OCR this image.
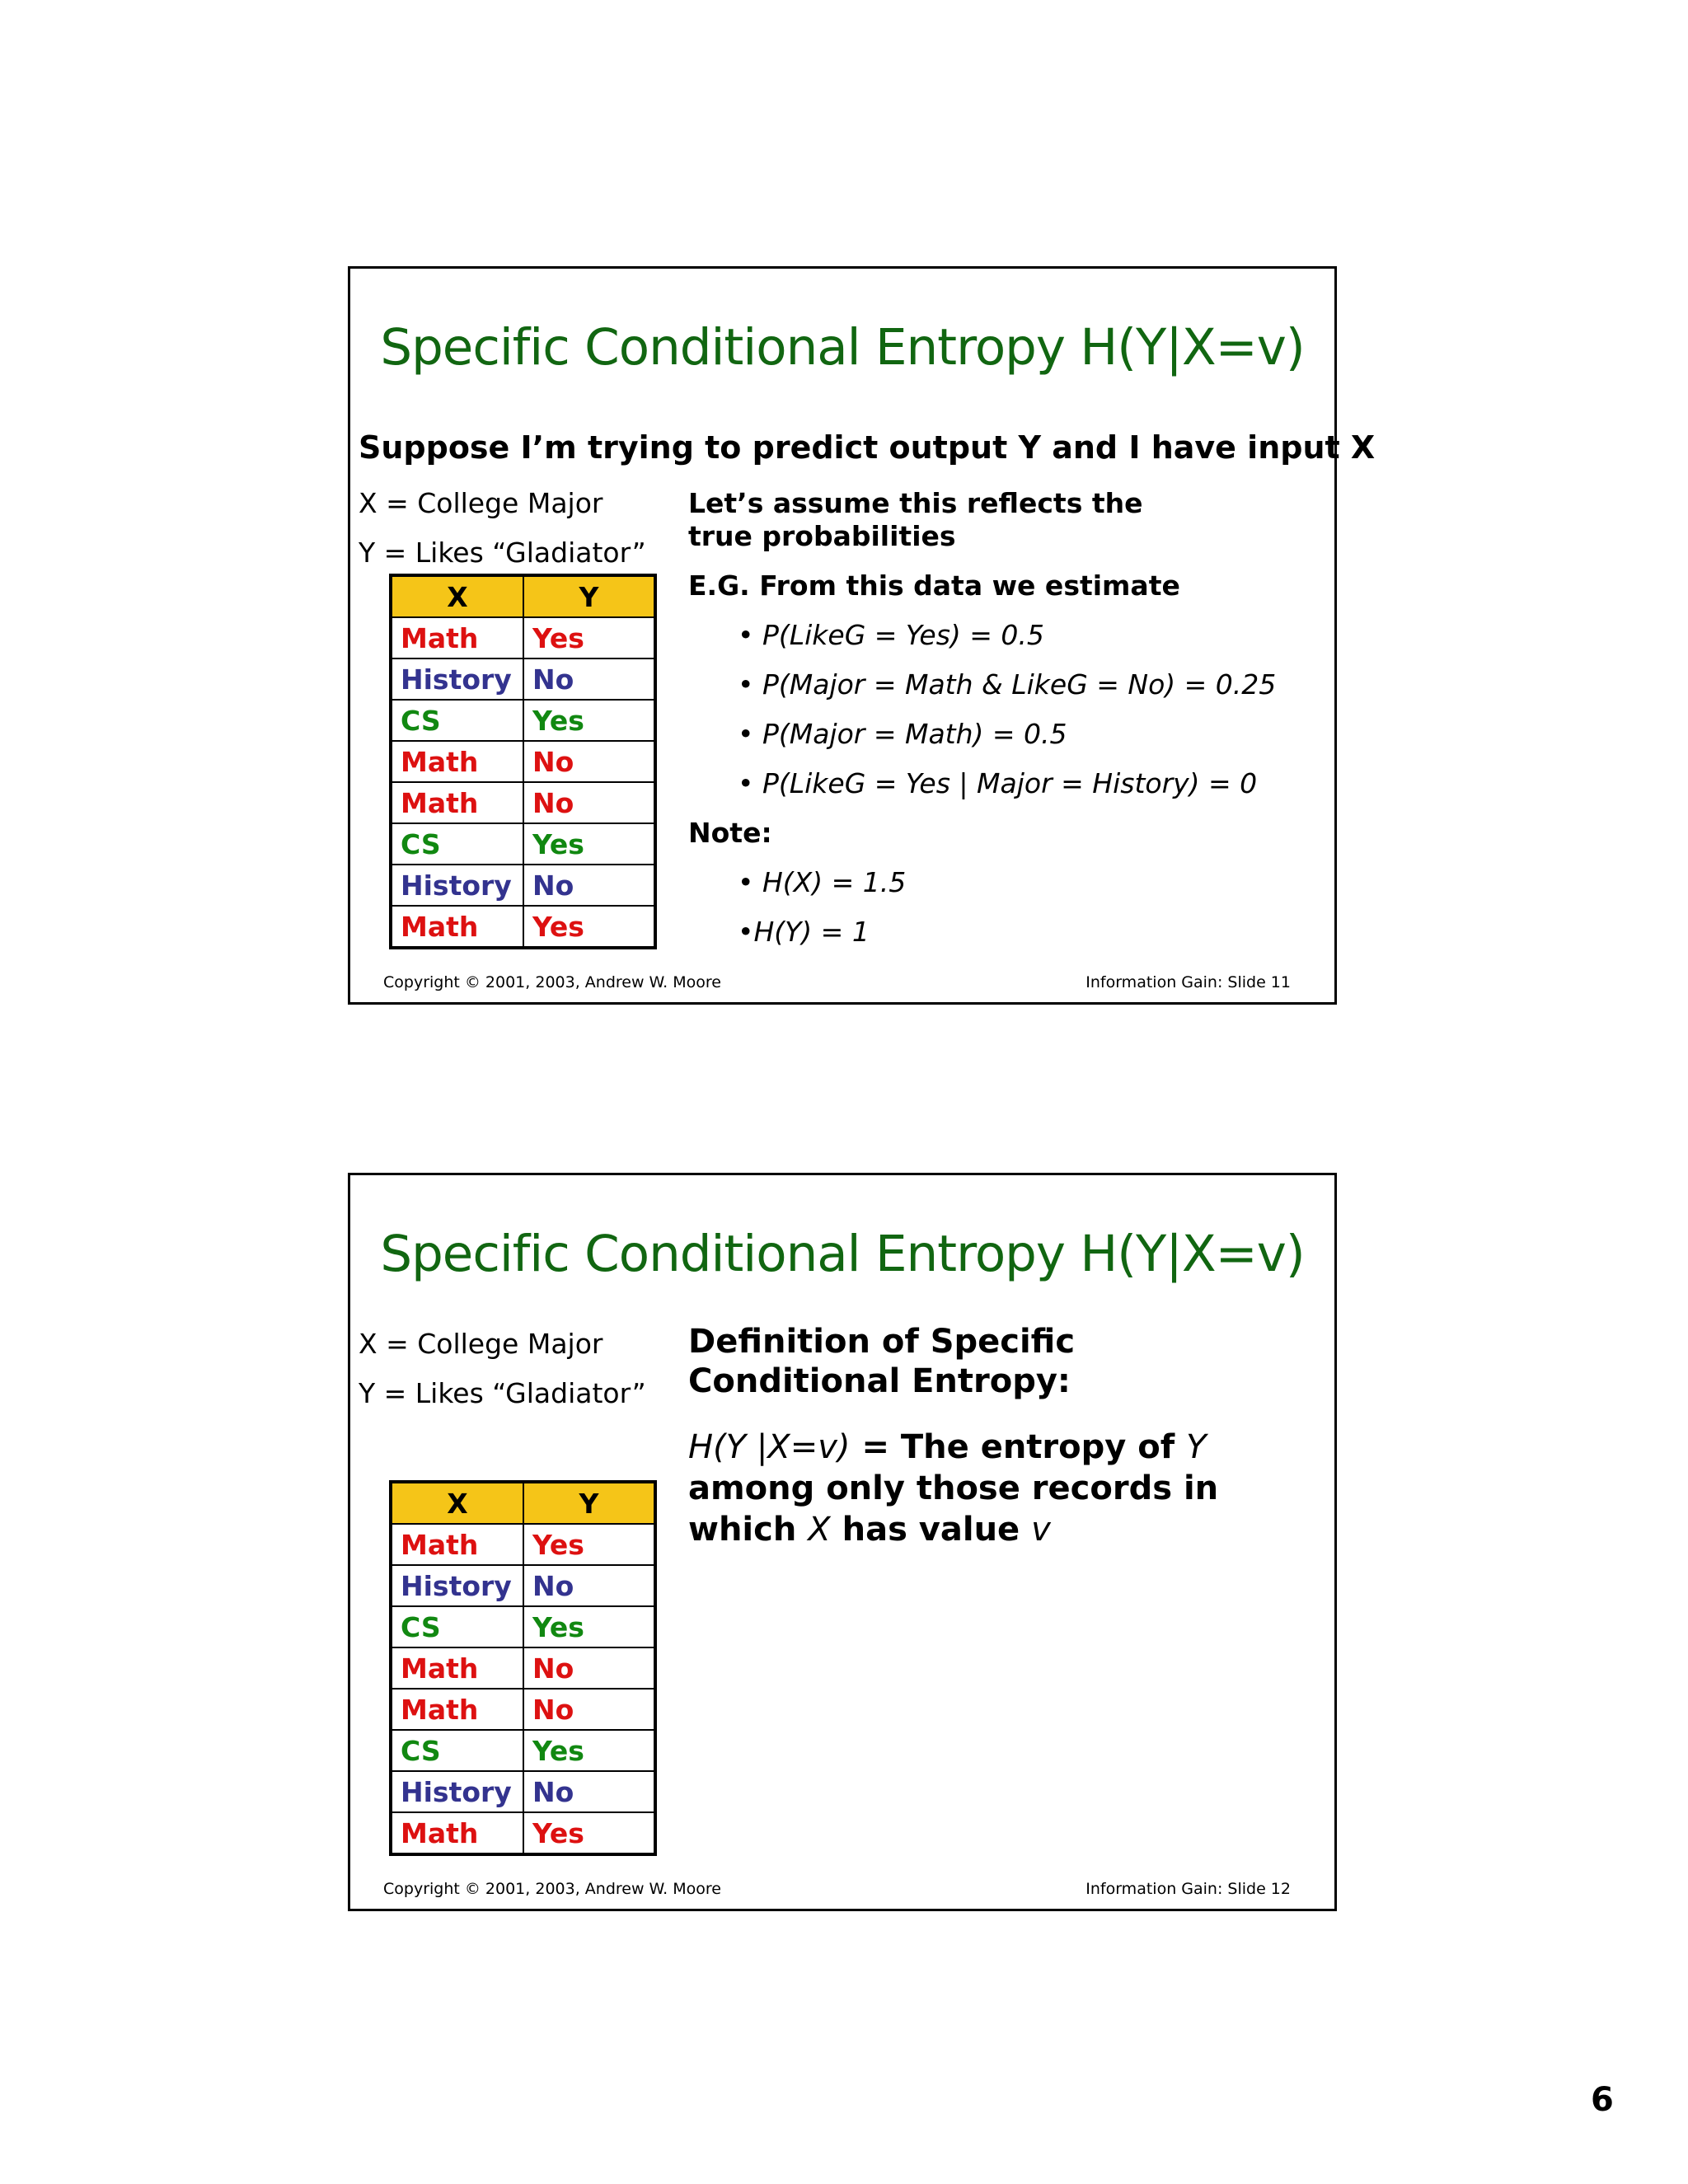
Specific Conditional Entropy H(Y|X=v)
Suppose I’m trying to predict output Y and I have input X
X = College Major
Y = Likes “Gladiator”
X	Y
Math	Yes
History	No
CS	Yes
Math	No
Math	No
CS	Yes
History	No
Math	Yes
Let’s assume this reflects the true probabilities
E.G. From this data we estimate
• P(LikeG = Yes) = 0.5
• P(Major = Math & LikeG = No) = 0.25
• P(Major = Math) = 0.5
• P(LikeG = Yes | Major = History) = 0
Note:
• H(X) = 1.5
•H(Y) = 1
Copyright © 2001, 2003, Andrew W. Moore	Information Gain: Slide 11
Specific Conditional Entropy H(Y|X=v)
X = College Major
Y = Likes “Gladiator”
X	Y
Math	Yes
History	No
CS	Yes
Math	No
Math	No
CS	Yes
History	No
Math	Yes
Definition of Specific Conditional Entropy:
H(Y |X=v) = The entropy of Y among only those records in which X has value v
Copyright © 2001, 2003, Andrew W. Moore	Information Gain: Slide 12
6
